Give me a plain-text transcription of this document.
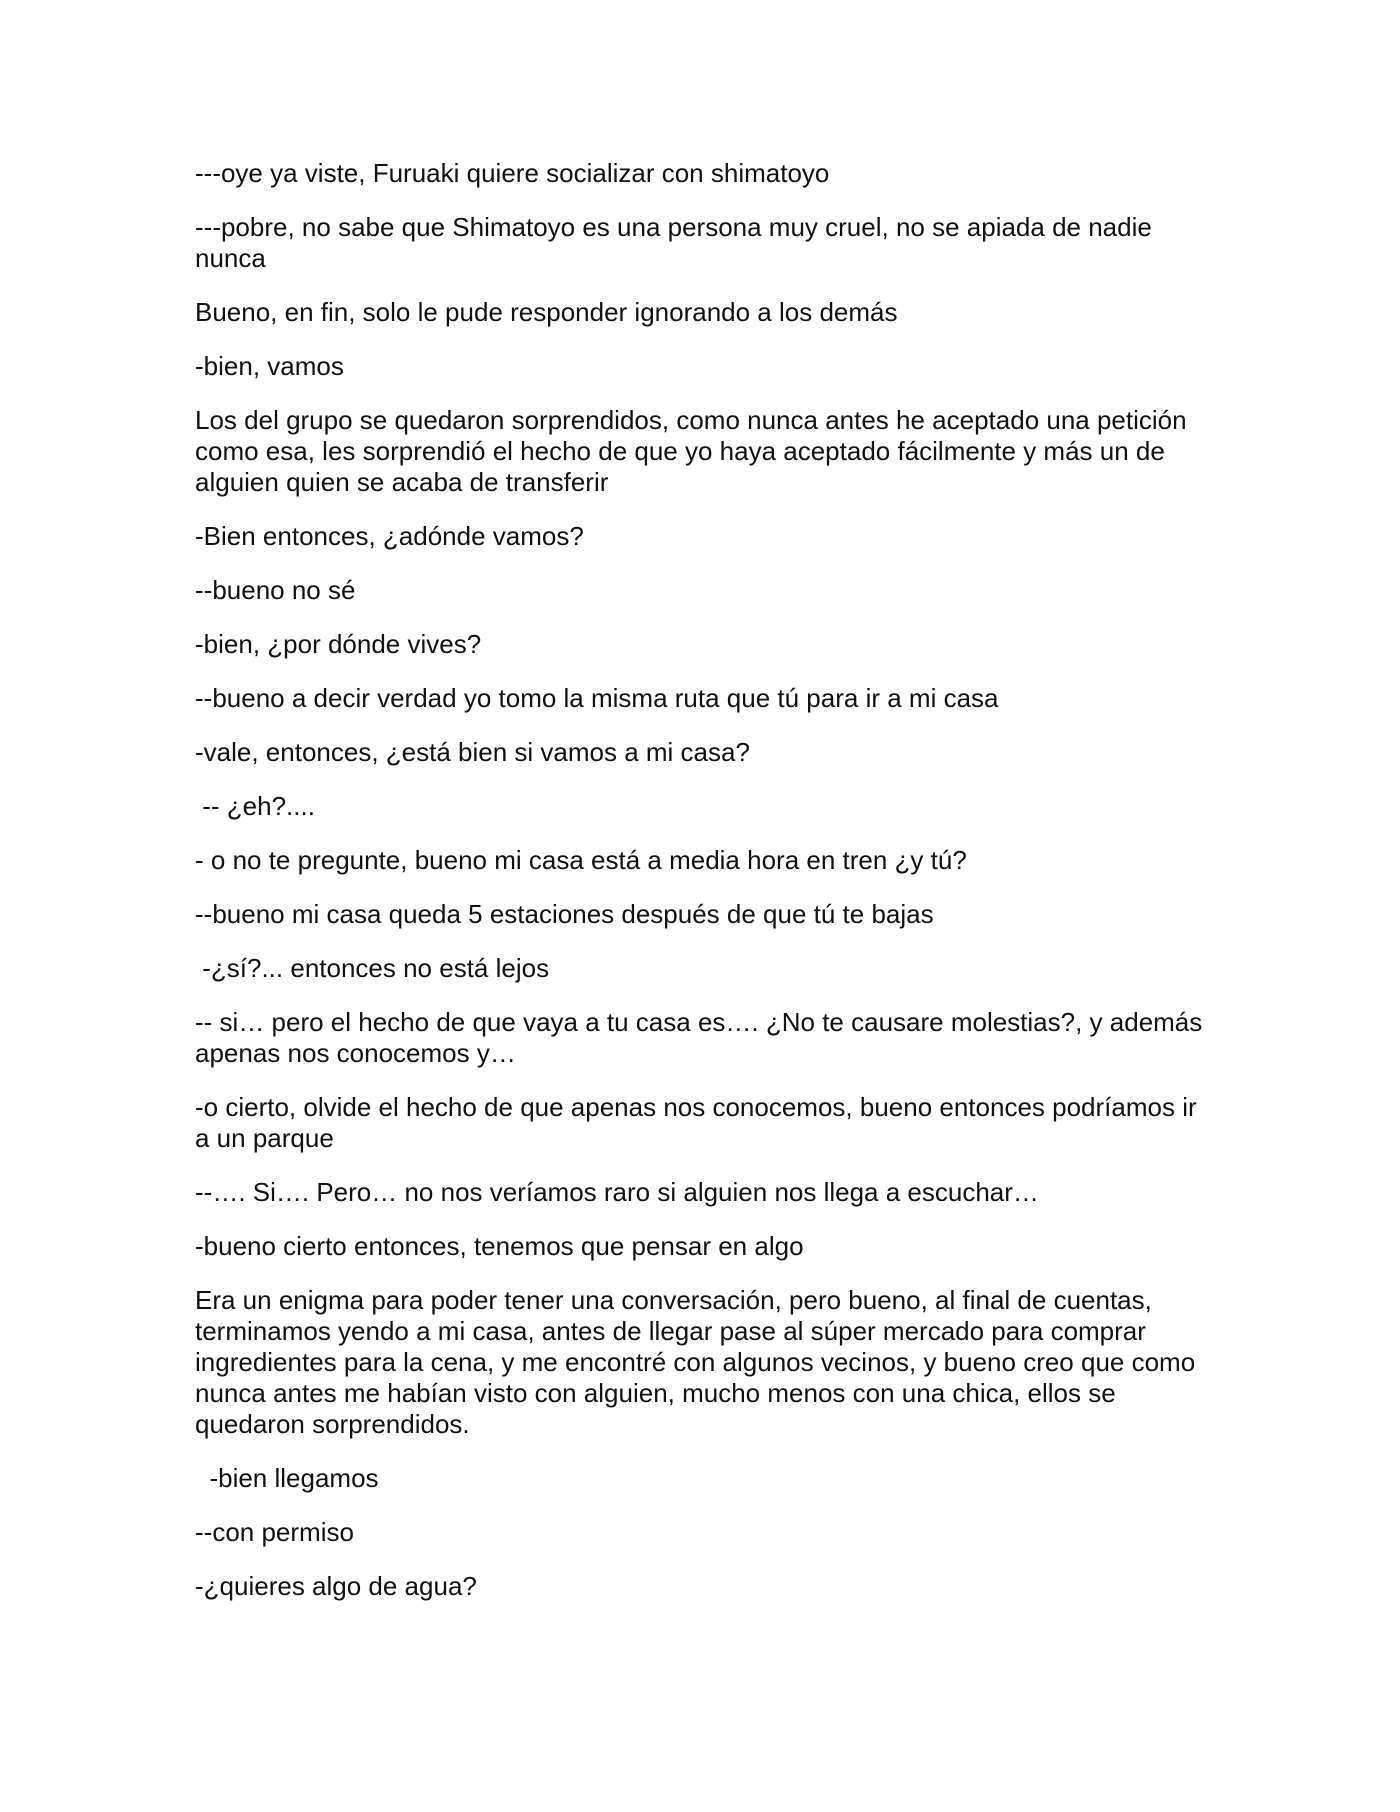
---oye ya viste, Furuaki quiere socializar con shimatoyo

---pobre, no sabe que Shimatoyo es una persona muy cruel, no se apiada de nadie nunca

Bueno, en fin, solo le pude responder ignorando a los demás

-bien, vamos

Los del grupo se quedaron sorprendidos, como nunca antes he aceptado una petición como esa, les sorprendió el hecho de que yo haya aceptado fácilmente y más un de alguien quien se acaba de transferir

-Bien entonces, ¿adónde vamos?

--bueno no sé

-bien, ¿por dónde vives?

--bueno a decir verdad yo tomo la misma ruta que tú para ir a mi casa

-vale, entonces, ¿está bien si vamos a mi casa?

-- ¿eh?....

- o no te pregunte, bueno mi casa está a media hora en tren ¿y tú?

--bueno mi casa queda 5 estaciones después de que tú te bajas

-¿sí?... entonces no está lejos

-- si… pero el hecho de que vaya a tu casa es…. ¿No te causare molestias?, y además apenas nos conocemos y…

-o cierto, olvide el hecho de que apenas nos conocemos, bueno entonces podríamos ir a un parque

--…. Si…. Pero… no nos veríamos raro si alguien nos llega a escuchar…

-bueno cierto entonces, tenemos que pensar en algo

Era un enigma para poder tener una conversación, pero bueno, al final de cuentas, terminamos yendo a mi casa, antes de llegar pase al súper mercado para comprar ingredientes para la cena, y me encontré con algunos vecinos, y bueno creo que como nunca antes me habían visto con alguien, mucho menos con una chica, ellos se quedaron sorprendidos.

-bien llegamos

--con permiso

-¿quieres algo de agua?
